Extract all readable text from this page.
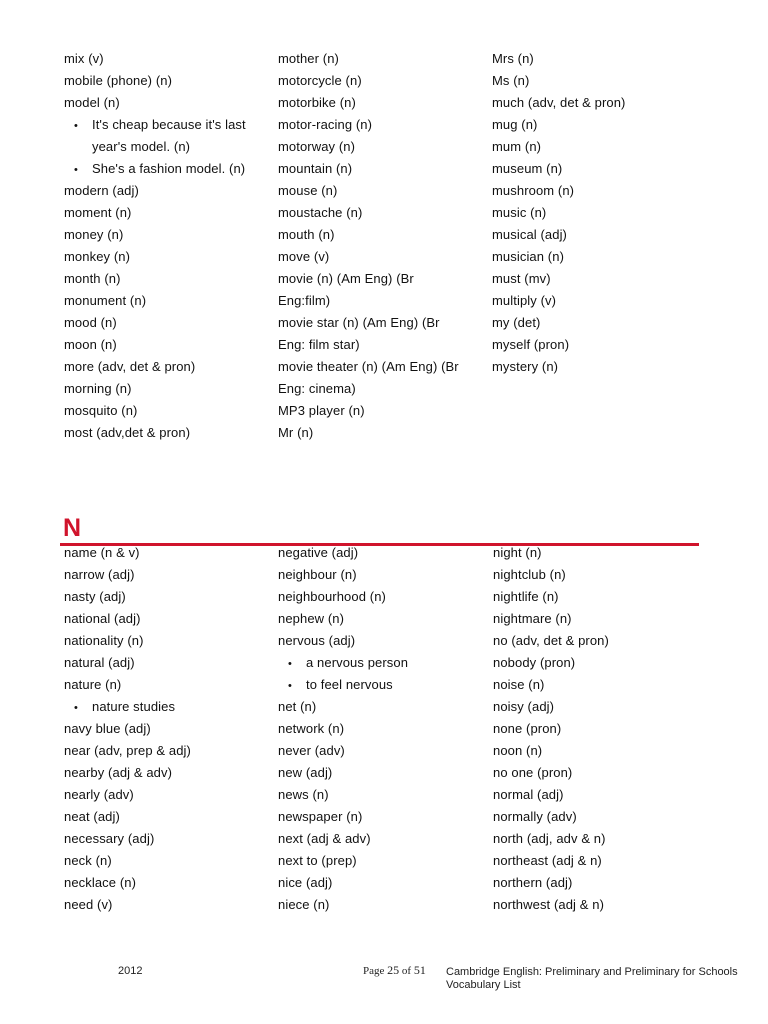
mix (v)
mobile (phone) (n)
model (n)
• It's cheap because it's last
year's model. (n)
• She's a fashion model. (n)
modern (adj)
moment (n)
money (n)
monkey (n)
month (n)
monument (n)
mood (n)
moon (n)
more (adv, det & pron)
morning (n)
mosquito (n)
most (adv,det & pron)
mother (n)
motorcycle (n)
motorbike (n)
motor-racing (n)
motorway (n)
mountain (n)
mouse (n)
moustache (n)
mouth (n)
move (v)
movie (n) (Am Eng) (Br
Eng:film)
movie star (n) (Am Eng) (Br
Eng: film star)
movie theater (n) (Am Eng) (Br
Eng: cinema)
MP3 player (n)
Mr (n)
Mrs (n)
Ms (n)
much (adv, det & pron)
mug (n)
mum (n)
museum (n)
mushroom (n)
music (n)
musical (adj)
musician (n)
must (mv)
multiply (v)
my (det)
myself (pron)
mystery (n)
N
name (n & v)
narrow (adj)
nasty (adj)
national (adj)
nationality (n)
natural (adj)
nature (n)
• nature studies
navy blue (adj)
near (adv, prep & adj)
nearby (adj & adv)
nearly (adv)
neat (adj)
necessary (adj)
neck (n)
necklace (n)
need (v)
negative (adj)
neighbour (n)
neighbourhood (n)
nephew (n)
nervous (adj)
• a nervous person
• to feel nervous
net (n)
network (n)
never (adv)
new (adj)
news (n)
newspaper (n)
next (adj & adv)
next to (prep)
nice (adj)
niece (n)
night (n)
nightclub (n)
nightlife (n)
nightmare (n)
no (adv, det & pron)
nobody (pron)
noise (n)
noisy (adj)
none (pron)
noon (n)
no one (pron)
normal (adj)
normally (adv)
north (adj, adv & n)
northeast (adj & n)
northern (adj)
northwest (adj & n)
2012	Page 25 of 51 Cambridge English: Preliminary and Preliminary for Schools
Vocabulary List
